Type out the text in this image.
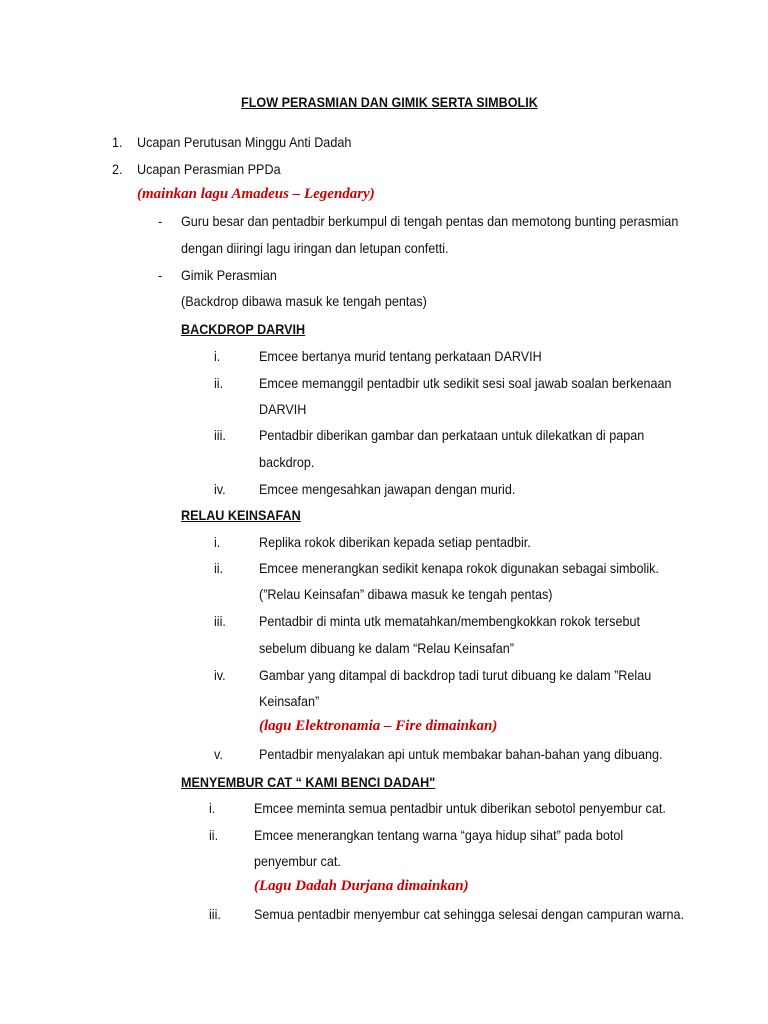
FLOW PERASMIAN DAN GIMIK SERTA SIMBOLIK
1. Ucapan Perutusan Minggu Anti Dadah
2. Ucapan Perasmian PPDa
(mainkan lagu Amadeus – Legendary)
- Guru besar dan pentadbir berkumpul di tengah pentas dan memotong bunting perasmian
dengan diiringi lagu iringan dan letupan confetti.
- Gimik Perasmian
(Backdrop dibawa masuk ke tengah pentas)
BACKDROP DARVIH
i.	Emcee bertanya murid tentang perkataan DARVIH
ii.	Emcee memanggil pentadbir utk sedikit sesi soal jawab soalan berkenaan
DARVIH
iii. Pentadbir diberikan gambar dan perkataan untuk dilekatkan di papan
backdrop.
iv. Emcee mengesahkan jawapan dengan murid.
RELAU KEINSAFAN
i.	Replika rokok diberikan kepada setiap pentadbir.
ii.	Emcee menerangkan sedikit kenapa rokok digunakan sebagai simbolik.
(”Relau Keinsafan” dibawa masuk ke tengah pentas)
iii. Pentadbir di minta utk mematahkan/membengkokkan rokok tersebut
sebelum dibuang ke dalam “Relau Keinsafan”
iv. Gambar yang ditampal di backdrop tadi turut dibuang ke dalam ”Relau
Keinsafan”
(lagu Elektronamia – Fire dimainkan)
v.	Pentadbir menyalakan api untuk membakar bahan-bahan yang dibuang.
MENYEMBUR CAT “ KAMI BENCI DADAH"
i.	Emcee meminta semua pentadbir untuk diberikan sebotol penyembur cat.
ii.	Emcee menerangkan tentang warna “gaya hidup sihat” pada botol
penyembur cat.
(Lagu Dadah Durjana dimainkan)
iii. Semua pentadbir menyembur cat sehingga selesai dengan campuran warna.
